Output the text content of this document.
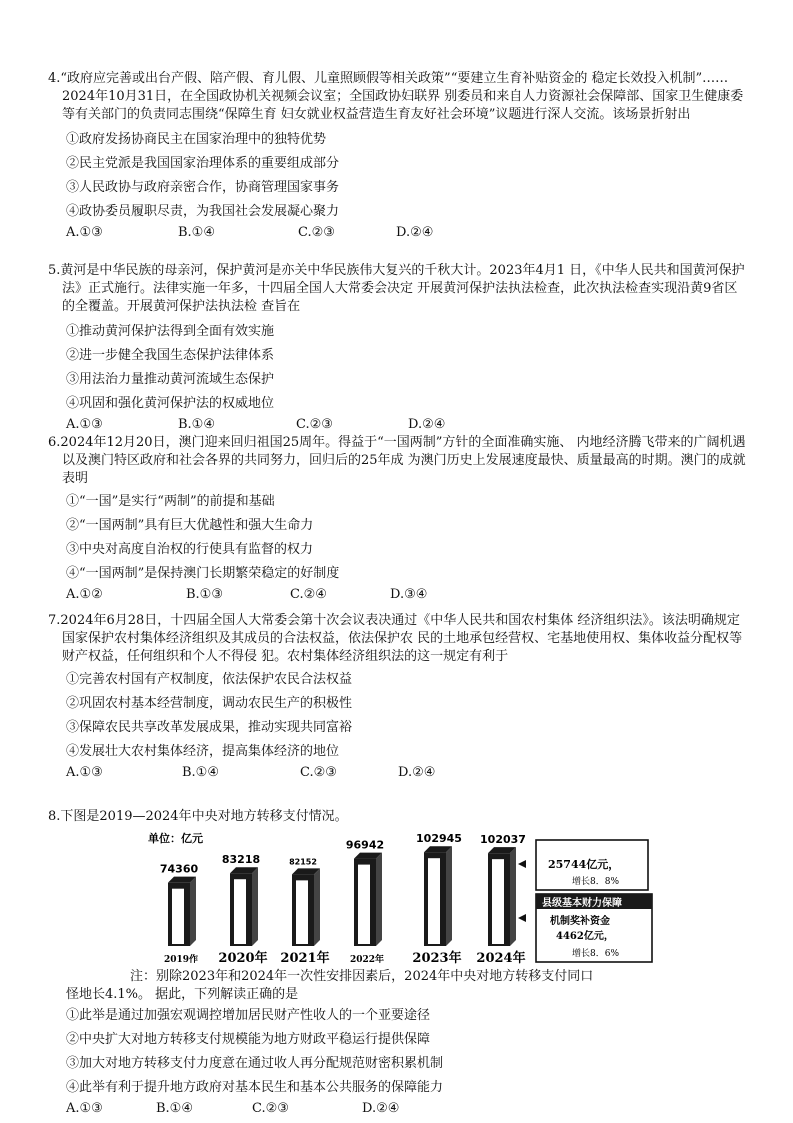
4.“政府应完善或出台产假、陪产假、育儿假、儿童照顾假等相关政策”“要建立生育补贴资金的 稳定长效投入机制”……2024年10月31日，在全国政协机关视频会议室；全国政协妇联界 别委员和来自人力资源社会保障部、国家卫生健康委等有关部门的负责同志围绕“保障生育 妇女就业权益营造生育友好社会环境”议题进行深人交流。该场景折射出

①政府发扬协商民主在国家治理中的独特优势

②民主党派是我国国家治理体系的重要组成部分

③人民政协与政府亲密合作，协商管理国家事务

④政协委员履职尽责，为我国社会发展凝心聚力

A.①③	B.①④	C.②③	D.②④

5.黄河是中华民族的母亲河，保护黄河是亦关中华民族伟大复兴的千秋大计。2023年4月1 日，《中华人民共和国黄河保护法》正式施行。法律实施一年多，十四届全国人大常委会决定 开展黄河保护法执法检查，此次执法检查实现沿黄9省区的全覆盖。开展黄河保护法执法检 查旨在

①推动黄河保护法得到全面有效实施

②进一步健全我国生态保护法律体系

③用法治力量推动黄河流域生态保护

④巩固和强化黄河保护法的权威地位

A.①③	B.①④	C.②③	D.②④

6.2024年12月20日，澳门迎来回归祖国25周年。得益于“一国两制”方针的全面准确实施、 内地经济腾飞带来的广阔机遇以及澳门特区政府和社会各界的共同努力，回归后的25年成 为澳门历史上发展速度最快、质量最高的时期。澳门的成就表明

①“一国”是实行“两制”的前提和基础

②“一国两制”具有巨大优越性和强大生命力

③中央对高度自治权的行使具有监督的权力

④“一国两制”是保持澳门长期繁荣稳定的好制度

A.①②	B.①③	C.②④	D.③④

7.2024年6月28日，十四届全国人大常委会第十次会议表决通过《中华人民共和国农村集体 经济组织法》。该法明确规定国家保护农村集体经济组织及其成员的合法权益，依法保护农 民的土地承包经营权、宅基地使用权、集体收益分配权等财产权益，任何组织和个人不得侵 犯。农村集体经济组织法的这一规定有利于

①完善农村国有产权制度，依法保护农民合法权益

②巩固农村基本经营制度，调动农民生产的积极性

③保障农民共享改革发展成果，推动实现共同富裕

④发展壮大农村集体经济，提高集体经济的地位

A.①③	B.①④	C.②③	D.②④

8.下图是2019—2024年中央对地方转移支付情况。

单位：亿元
74360
2019作
83218
2020年
82152
2021年
96942
2022年
102945
2023年
102037
2024年
25744亿元，
增长8．8%
县级基本财力保障
机制奖补资金
4462亿元，
增长8．6%
注：别除2023年和2024年一次性安排因素后，2024年中央对地方转移支付同口

怪地长4.1%。 据此，下列解读正确的是

①此举是通过加强宏观调控增加居民财产性收人的一个亚要途径

②中央扩大对地方转移支付规模能为地方财政平稳运行提供保障

③加大对地方转移支付力度意在通过收人再分配规范财密积累机制

④此举有利于提升地方政府对基本民生和基本公共服务的保障能力

A.①③	B.①④	C.②③	D.②④
